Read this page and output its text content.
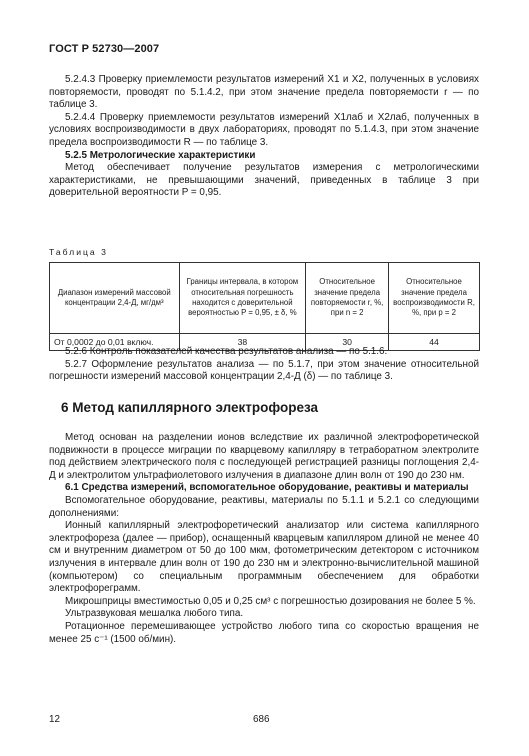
ГОСТ Р 52730—2007

5.2.4.3 Проверку приемлемости результатов измерений X1 и X2, полученных в условиях повторяемости, проводят по 5.1.4.2, при этом значение предела повторяемости r — по таблице 3.

5.2.4.4 Проверку приемлемости результатов измерений X1лаб и X2лаб, полученных в условиях воспроизводимости в двух лабораториях, проводят по 5.1.4.3, при этом значение предела воспроизводимости R — по таблице 3.

5.2.5 Метрологические характеристики

Метод обеспечивает получение результатов измерения с метрологическими характеристиками, не превышающими значений, приведенных в таблице 3 при доверительной вероятности P = 0,95.

Таблица 3
Диапазон измерений массовой концентрации 2,4-Д, мг/дм³	Границы интервала, в котором относительная погрешность находится с доверительной вероятностью P = 0,95, ± δ, %	Относительное значение предела повторяемости r, %, при n = 2	Относительное значение предела воспроизводимости R, %, при p = 2
От 0,0002 до 0,01 включ.	38	30	44

5.2.6 Контроль показателей качества результатов анализа — по 5.1.6.

5.2.7 Оформление результатов анализа — по 5.1.7, при этом значение относительной погрешности измерений массовой концентрации 2,4-Д (δ) — по таблице 3.

6 Метод капиллярного электрофореза

Метод основан на разделении ионов вследствие их различной электрофоретической подвижности в процессе миграции по кварцевому капилляру в тетраборатном электролите под действием электрического поля с последующей регистрацией разницы поглощения 2,4-Д и электролитом ультрафиолетового излучения в диапазоне длин волн от 190 до 230 нм.

6.1 Средства измерений, вспомогательное оборудование, реактивы и материалы

Вспомогательное оборудование, реактивы, материалы по 5.1.1 и 5.2.1 со следующими дополнениями:

Ионный капиллярный электрофоретический анализатор или система капиллярного электрофореза (далее — прибор), оснащенный кварцевым капилляром длиной не менее 40 см и внутренним диаметром от 50 до 100 мкм, фотометрическим детектором с источником излучения в интервале длин волн от 190 до 230 нм и электронно-вычислительной машиной (компьютером) со специальным программным обеспечением для обработки электрофореграмм.

Микрошприцы вместимостью 0,05 и 0,25 см³ с погрешностью дозирования не более 5 %.

Ультразвуковая мешалка любого типа.

Ротационное перемешивающее устройство любого типа со скоростью вращения не менее 25 с⁻¹ (1500 об/мин).

12	686
